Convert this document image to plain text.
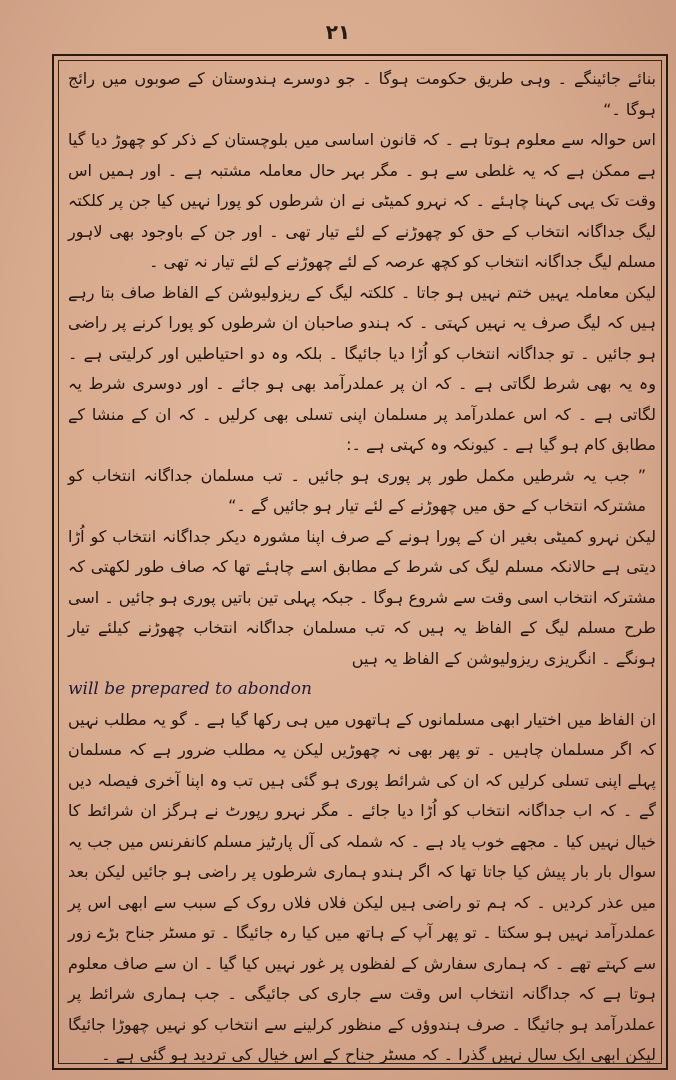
۲۱

بنائے جائینگے ۔ وہی طریق حکومت ہوگا ۔ جو دوسرے ہندوستان کے صوبوں میں رائج ہوگا ۔“

اس حوالہ سے معلوم ہوتا ہے ۔ کہ قانون اساسی میں بلوچستان کے ذکر کو چھوڑ دیا گیا ہے ممکن ہے کہ یہ غلطی سے ہو ۔ مگر بہر حال معاملہ مشتبہ ہے ۔ اور ہمیں اس وقت تک یہی کہنا چاہئے ۔ کہ نہرو کمیٹی نے ان شرطوں کو پورا نہیں کیا جن پر کلکتہ لیگ جداگانہ انتخاب کے حق کو چھوڑنے کے لئے تیار تھی ۔ اور جن کے باوجود بھی لاہور مسلم لیگ جداگانہ انتخاب کو کچھ عرصہ کے لئے چھوڑنے کے لئے تیار نہ تھی ۔

لیکن معاملہ یہیں ختم نہیں ہو جاتا ۔ کلکتہ لیگ کے ریزولیوشن کے الفاظ صاف بتا رہے ہیں کہ لیگ صرف یہ نہیں کہتی ۔ کہ ہندو صاحبان ان شرطوں کو پورا کرنے پر راضی ہو جائیں ۔ تو جداگانہ انتخاب کو اُڑا دیا جائیگا ۔ بلکہ وہ دو احتیاطیں اور کرلیتی ہے ۔ وہ یہ بھی شرط لگاتی ہے ۔ کہ ان پر عملدرآمد بھی ہو جائے ۔ اور دوسری شرط یہ لگاتی ہے ۔ کہ اس عملدرآمد پر مسلمان اپنی تسلی بھی کرلیں ۔ کہ ان کے منشا کے مطابق کام ہو گیا ہے ۔ کیونکہ وہ کہتی ہے ۔:

” جب یہ شرطیں مکمل طور پر پوری ہو جائیں ۔ تب مسلمان جداگانہ انتخاب کو مشترکہ انتخاب کے حق میں چھوڑنے کے لئے تیار ہو جائیں گے ۔“

لیکن نہرو کمیٹی بغیر ان کے پورا ہونے کے صرف اپنا مشورہ دیکر جداگانہ انتخاب کو اُڑا دیتی ہے حالانکہ مسلم لیگ کی شرط کے مطابق اسے چاہئے تھا کہ صاف طور لکھتی کہ مشترکہ انتخاب اسی وقت سے شروع ہوگا ۔ جبکہ پہلی تین باتیں پوری ہو جائیں ۔ اسی طرح مسلم لیگ کے الفاظ یہ ہیں کہ تب مسلمان جداگانہ انتخاب چھوڑنے کیلئے تیار ہونگے ۔ انگریزی ریزولیوشن کے الفاظ یہ ہیں

will be prepared to abondon

ان الفاظ میں اختیار ابھی مسلمانوں کے ہاتھوں میں ہی رکھا گیا ہے ۔ گو یہ مطلب نہیں کہ اگر مسلمان چاہیں ۔ تو پھر بھی نہ چھوڑیں لیکن یہ مطلب ضرور ہے کہ مسلمان پہلے اپنی تسلی کرلیں کہ ان کی شرائط پوری ہو گئی ہیں تب وہ اپنا آخری فیصلہ دیں گے ۔ کہ اب جداگانہ انتخاب کو اُڑا دیا جائے ۔ مگر نہرو رپورٹ نے ہرگز ان شرائط کا خیال نہیں کیا ۔ مجھے خوب یاد ہے ۔ کہ شملہ کی آل پارٹیز مسلم کانفرنس میں جب یہ سوال بار بار پیش کیا جاتا تھا کہ اگر ہندو ہماری شرطوں پر راضی ہو جائیں لیکن بعد میں عذر کردیں ۔ کہ ہم تو راضی ہیں لیکن فلاں فلاں روک کے سبب سے ابھی اس پر عملدرآمد نہیں ہو سکتا ۔ تو پھر آپ کے ہاتھ میں کیا رہ جائیگا ۔ تو مسٹر جناح بڑے زور سے کہتے تھے ۔ کہ ہماری سفارش کے لفظوں پر غور نہیں کیا گیا ۔ ان سے صاف معلوم ہوتا ہے کہ جداگانہ انتخاب اس وقت سے جاری کی جائیگی ۔ جب ہماری شرائط پر عملدرآمد ہو جائیگا ۔ صرف ہندوؤں کے منظور کرلینے سے انتخاب کو نہیں چھوڑا جائیگا لیکن ابھی ایک سال نہیں گذرا ۔ کہ مسٹر جناح کے اس خیال کی تردید ہو گئی ہے ۔
